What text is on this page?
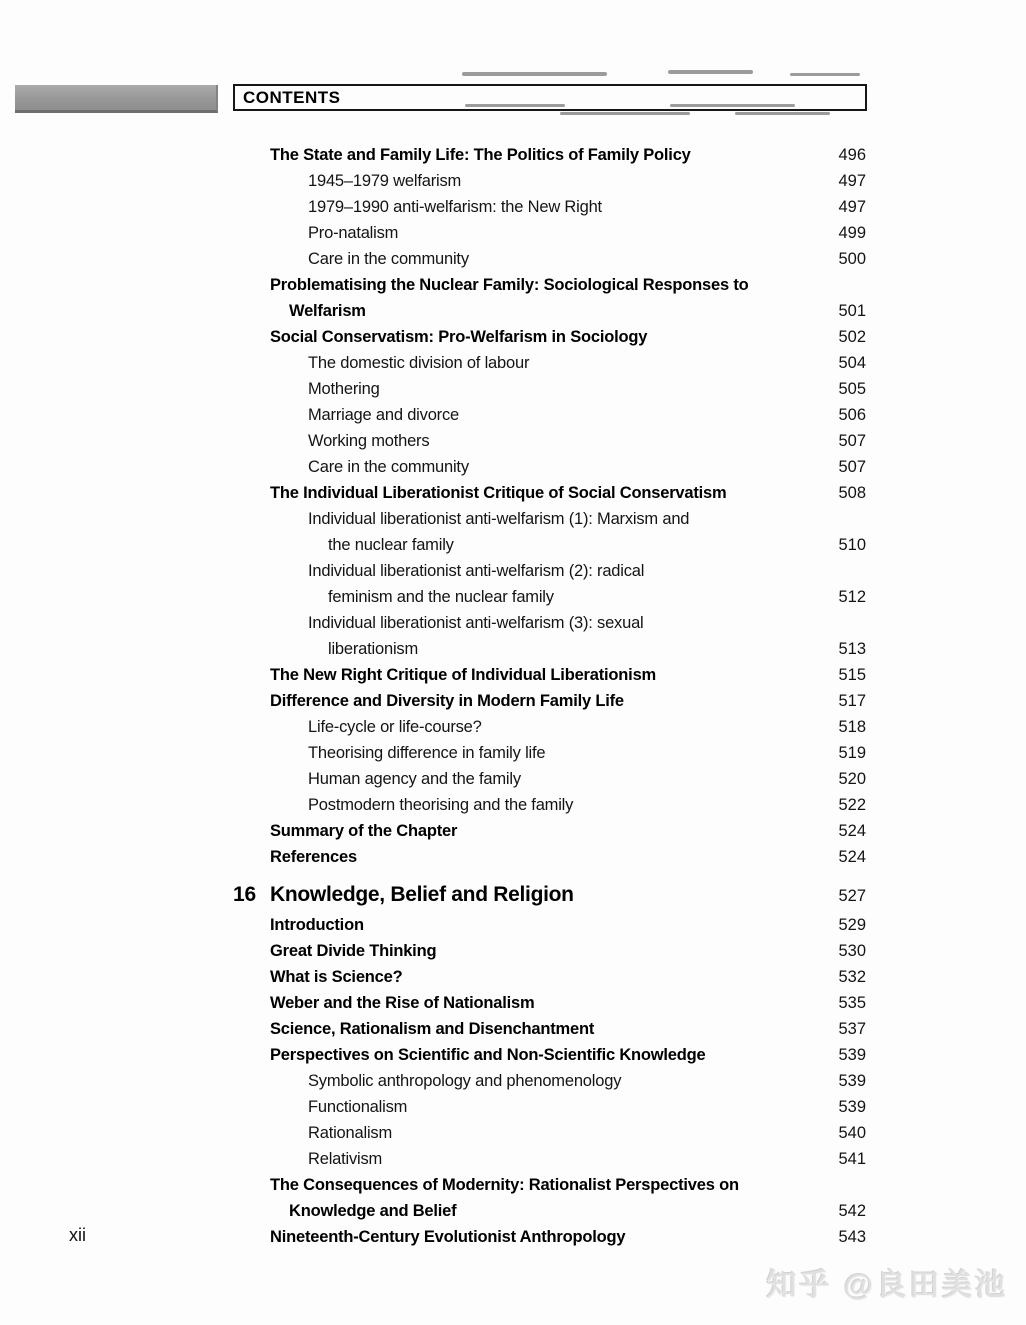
CONTENTS
The State and Family Life: The Politics of Family Policy	496
1945–1979 welfarism	497
1979–1990 anti-welfarism: the New Right	497
Pro-natalism	499
Care in the community	500
Problematising the Nuclear Family: Sociological Responses to
Welfarism	501
Social Conservatism: Pro-Welfarism in Sociology	502
The domestic division of labour	504
Mothering	505
Marriage and divorce	506
Working mothers	507
Care in the community	507
The Individual Liberationist Critique of Social Conservatism	508
Individual liberationist anti-welfarism (1): Marxism and
the nuclear family	510
Individual liberationist anti-welfarism (2): radical
feminism and the nuclear family	512
Individual liberationist anti-welfarism (3): sexual
liberationism	513
The New Right Critique of Individual Liberationism	515
Difference and Diversity in Modern Family Life	517
Life-cycle or life-course?	518
Theorising difference in family life	519
Human agency and the family	520
Postmodern theorising and the family	522
Summary of the Chapter	524
References	524
16 Knowledge, Belief and Religion	527
Introduction	529
Great Divide Thinking	530
What is Science?	532
Weber and the Rise of Nationalism	535
Science, Rationalism and Disenchantment	537
Perspectives on Scientific and Non-Scientific Knowledge	539
Symbolic anthropology and phenomenology	539
Functionalism	539
Rationalism	540
Relativism	541
The Consequences of Modernity: Rationalist Perspectives on
Knowledge and Belief	542
Nineteenth-Century Evolutionist Anthropology	543
xii
知乎 @良田美池
